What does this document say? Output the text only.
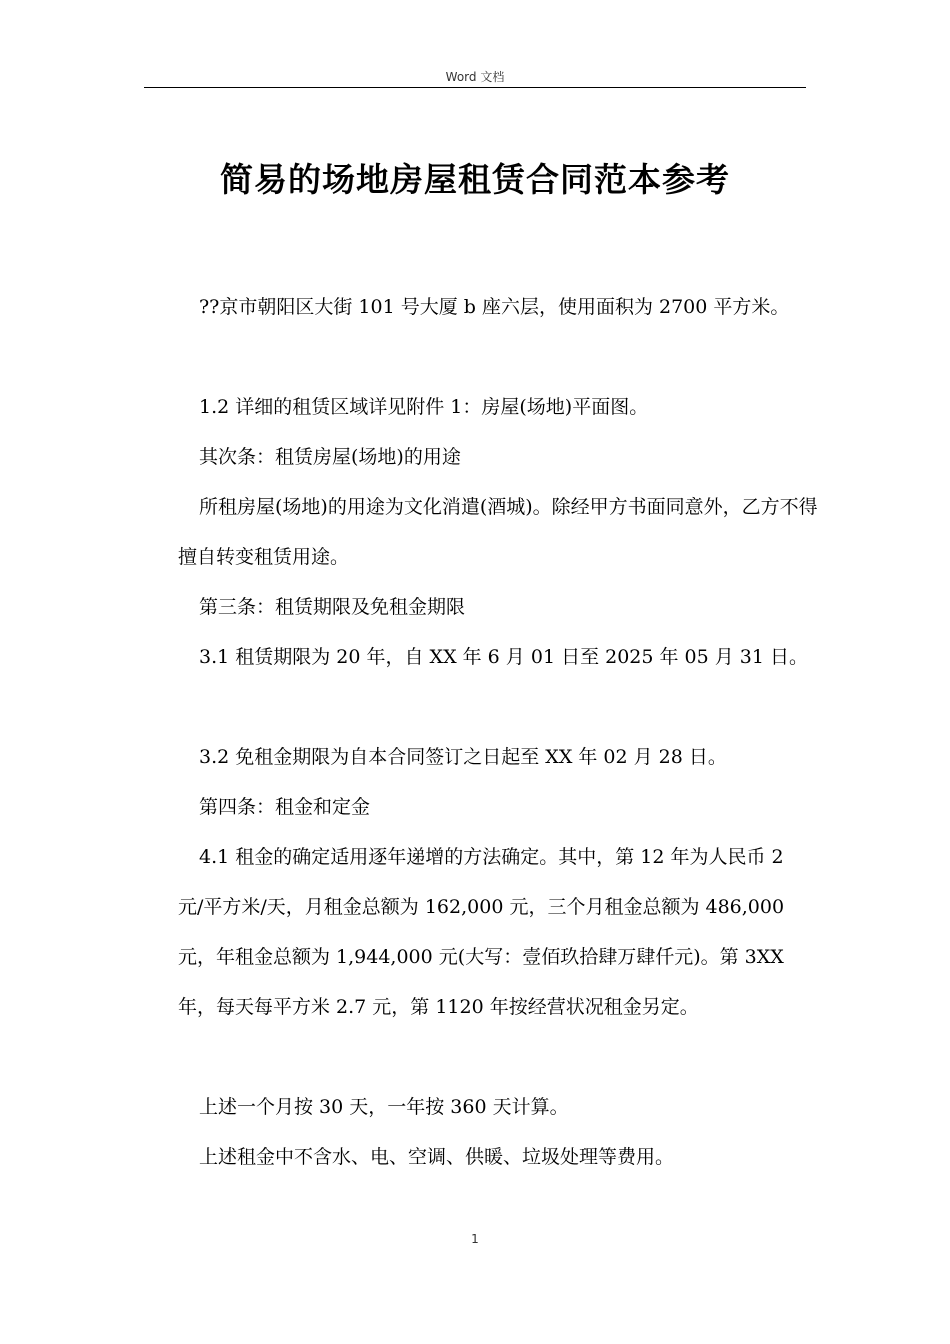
Word 文档
简易的场地房屋租赁合同范本参考

??京市朝阳区大街 101 号大厦 b 座六层，使用面积为 2700 平方米。

1.2 详细的租赁区域详见附件 1：房屋(场地)平面图。

其次条：租赁房屋(场地)的用途

所租房屋(场地)的用途为文化消遣(酒城)。除经甲方书面同意外，乙方不得擅自转变租赁用途。

第三条：租赁期限及免租金期限

3.1 租赁期限为 20 年，自 XX 年 6 月 01 日至 2025 年 05 月 31 日。

3.2 免租金期限为自本合同签订之日起至 XX 年 02 月 28 日。

第四条：租金和定金

4.1 租金的确定适用逐年递增的方法确定。其中，第 12 年为人民币 2 元/平方米/天，月租金总额为 162,000 元，三个月租金总额为 486,000 元，年租金总额为 1,944,000 元(大写：壹佰玖拾肆万肆仟元)。第 3XX 年，每天每平方米 2.7 元，第 1120 年按经营状况租金另定。

上述一个月按 30 天，一年按 360 天计算。

上述租金中不含水、电、空调、供暖、垃圾处理等费用。

1
